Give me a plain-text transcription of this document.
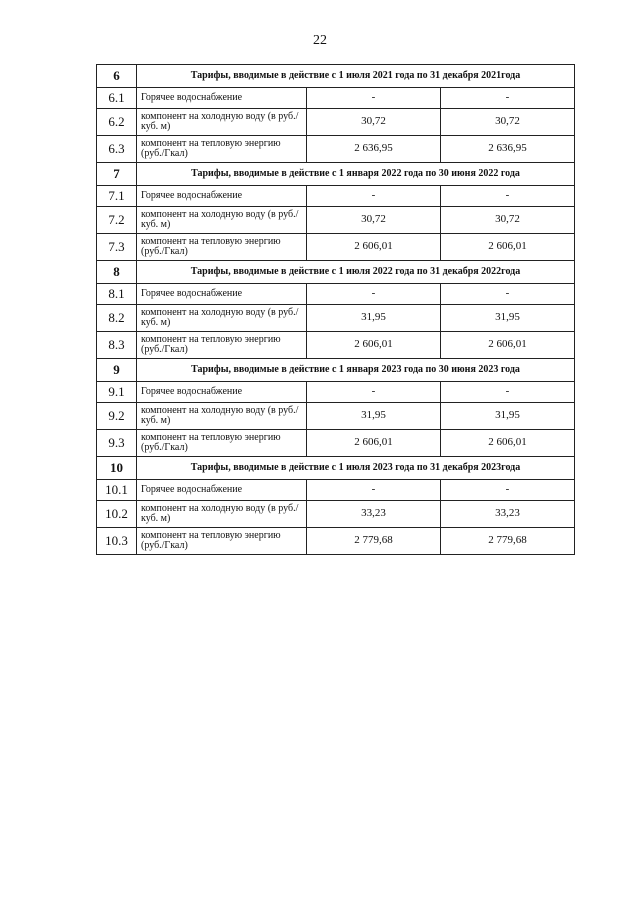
22
6	Тарифы, вводимые в действие с 1 июля 2021 года по 31 декабря 2021года		
6.1	Горячее водоснабжение	-	-
6.2	компонент на холодную воду (в руб./куб. м)	30,72	30,72
6.3	компонент на тепловую энергию (руб./Гкал)	2 636,95	2 636,95
7	Тарифы, вводимые в действие с 1 января 2022 года по 30 июня 2022 года		
7.1	Горячее водоснабжение	-	-
7.2	компонент на холодную воду (в руб./куб. м)	30,72	30,72
7.3	компонент на тепловую энергию (руб./Гкал)	2 606,01	2 606,01
8	Тарифы, вводимые в действие с 1 июля 2022 года по 31 декабря 2022года		
8.1	Горячее водоснабжение	-	-
8.2	компонент на холодную воду (в руб./куб. м)	31,95	31,95
8.3	компонент на тепловую энергию (руб./Гкал)	2 606,01	2 606,01
9	Тарифы, вводимые в действие с 1 января 2023 года по 30 июня 2023 года		
9.1	Горячее водоснабжение	-	-
9.2	компонент на холодную воду (в руб./куб. м)	31,95	31,95
9.3	компонент на тепловую энергию (руб./Гкал)	2 606,01	2 606,01
10	Тарифы, вводимые в действие с 1 июля 2023 года по 31 декабря 2023года		
10.1	Горячее водоснабжение	-	-
10.2	компонент на холодную воду (в руб./куб. м)	33,23	33,23
10.3	компонент на тепловую энергию (руб./Гкал)	2 779,68	2 779,68
